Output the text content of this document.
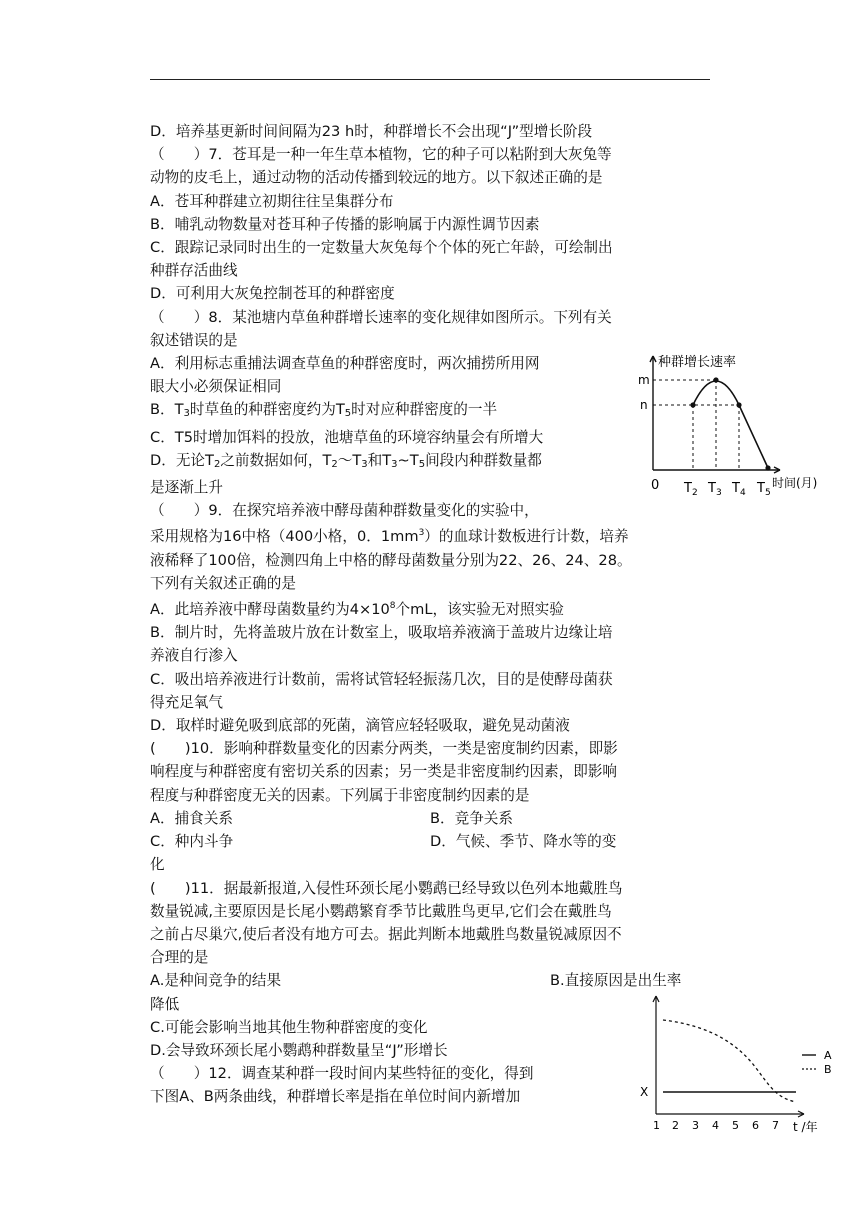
D．培养基更新时间间隔为23 h时，种群增长不会出现“J”型增长阶段

（　　）7．苍耳是一种一年生草本植物，它的种子可以粘附到大灰兔等

动物的皮毛上，通过动物的活动传播到较远的地方。以下叙述正确的是

A．苍耳种群建立初期往往呈集群分布

B．哺乳动物数量对苍耳种子传播的影响属于内源性调节因素

C．跟踪记录同时出生的一定数量大灰兔每个个体的死亡年龄，可绘制出

种群存活曲线

D．可利用大灰兔控制苍耳的种群密度

（　　）8．某池塘内草鱼种群增长速率的变化规律如图所示。下列有关

叙述错误的是

A．利用标志重捕法调查草鱼的种群密度时，两次捕捞所用网

眼大小必须保证相同

B．$T_3$时草鱼的种群密度约为$T_5$时对应种群密度的一半

C．T5时增加饵料的投放，池塘草鱼的环境容纳量会有所增大

D．无论$T_2$之前数据如何，$T_2\sim T_3$和$T_3\sim T_5$间段内种群数量都

是逐渐上升

（　　）9．在探究培养液中酵母菌种群数量变化的实验中，

采用规格为16中格（400小格，0．$1mm^3$）的血球计数板进行计数，培养

液稀释了100倍，检测四角上中格的酵母菌数量分别为22、26、24、28。

下列有关叙述正确的是

A．此培养液中酵母菌数量约为$4\times 10^8$个mL，该实验无对照实验

B．制片时，先将盖玻片放在计数室上，吸取培养液滴于盖玻片边缘让培

养液自行渗入

C．吸出培养液进行计数前，需将试管轻轻振荡几次，目的是使酵母菌获

得充足氧气

D．取样时避免吸到底部的死菌，滴管应轻轻吸取，避免晃动菌液

(　　)10．影响种群数量变化的因素分两类，一类是密度制约因素，即影

响程度与种群密度有密切关系的因素；另一类是非密度制约因素，即影响

程度与种群密度无关的因素。下列属于非密度制约因素的是

A．捕食关系	B．竞争关系

C．种内斗争	D．气候、季节、降水等的变

化

(　　)11．据最新报道,入侵性环颈长尾小鹦鹉已经导致以色列本地戴胜鸟

数量锐减,主要原因是长尾小鹦鹉繁育季节比戴胜鸟更早,它们会在戴胜鸟

之前占尽巢穴,使后者没有地方可去。据此判断本地戴胜鸟数量锐减原因不

合理的是

A.是种间竞争的结果	B.直接原因是出生率

降低

C.可能会影响当地其他生物种群密度的变化

D.会导致环颈长尾小鹦鹉种群数量呈“J”形增长

（　　）12．调查某种群一段时间内某些特征的变化，得到

下图A、B两条曲线，种群增长率是指在单位时间内新增加

种群增长速率
m
n
0 $T_2$ $T_3$ $T_4$ $T_5$
时间(月)
X
A
B
1 2 3 4 5 6 7 t /年
